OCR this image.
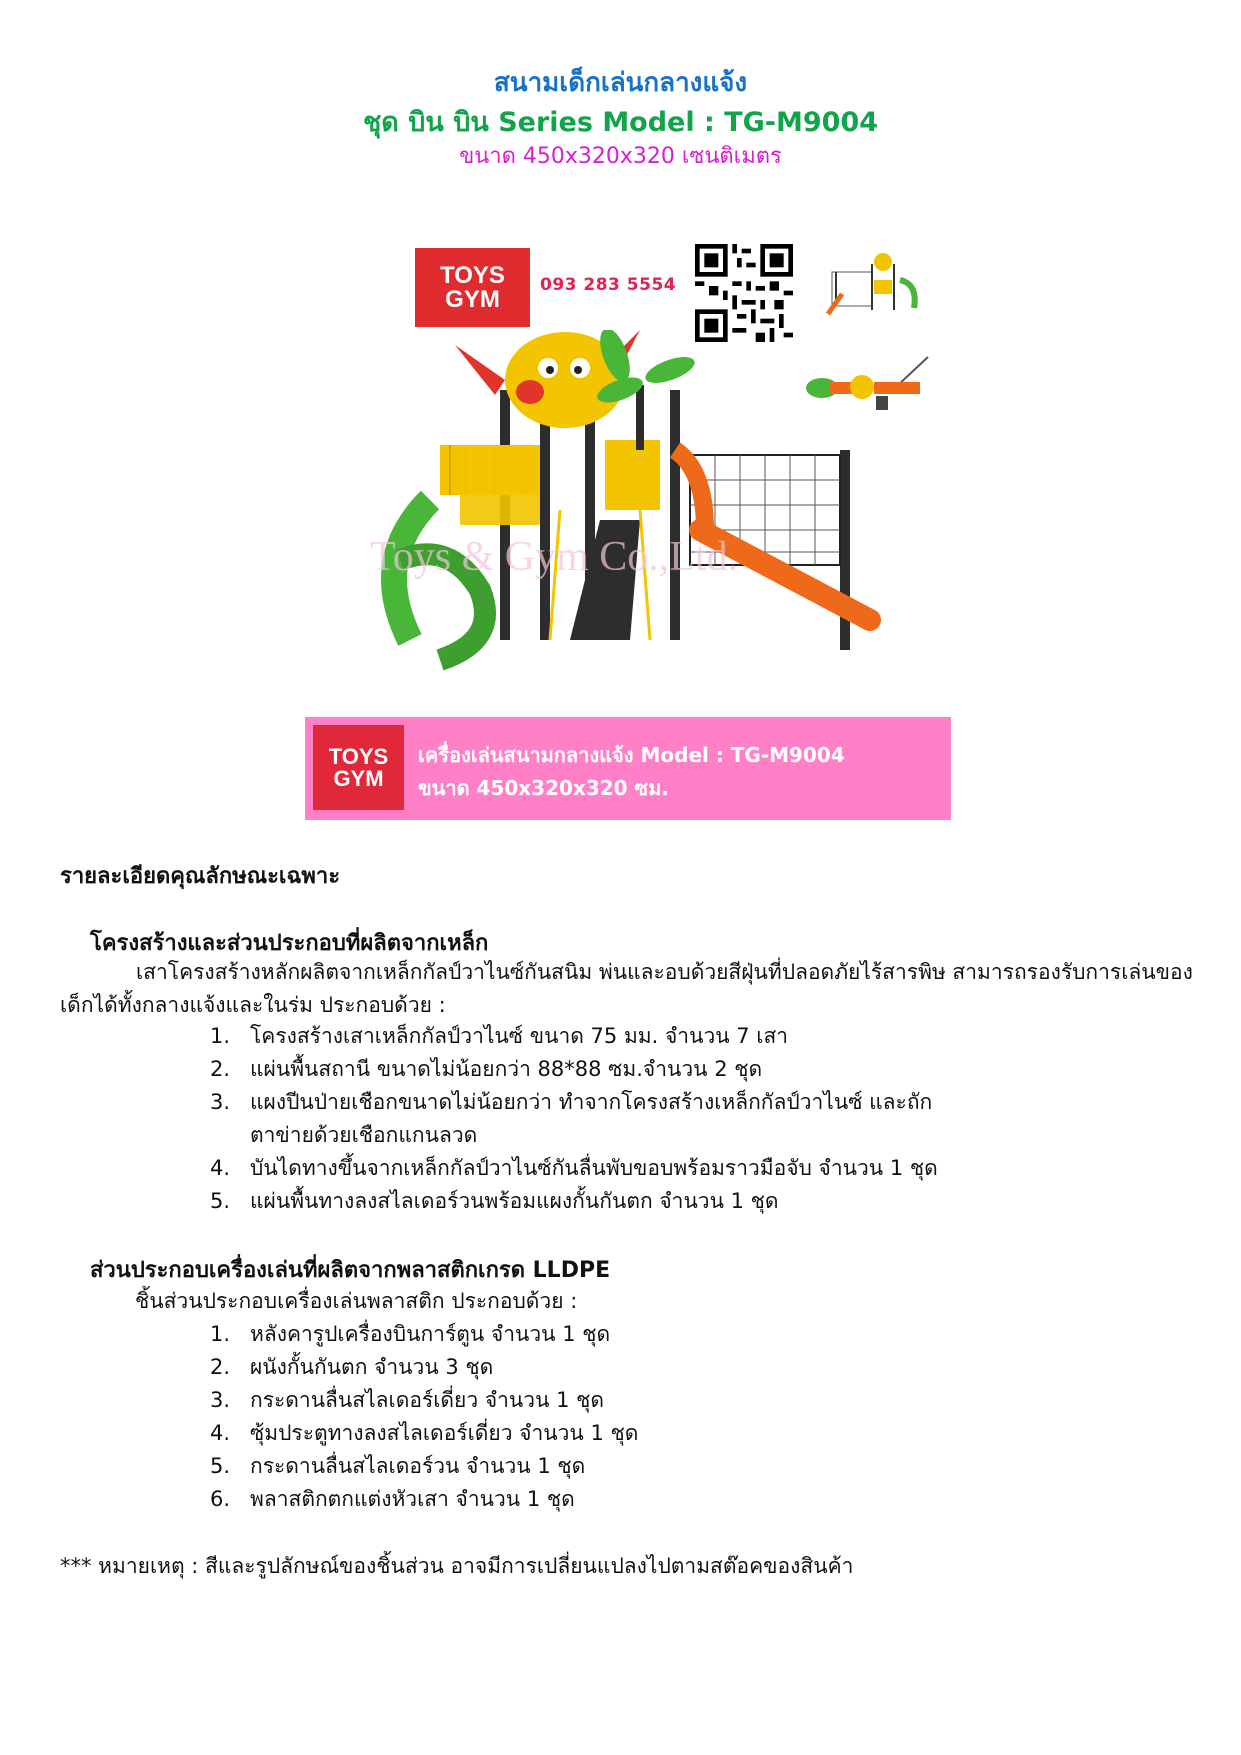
สนามเด็กเล่นกลางแจ้ง
ชุด บิน บิน Series Model : TG-M9004
ขนาด 450x320x320 เซนติเมตร
TOYS
GYM
093 283 5554
Toys & Gym Co.,Ltd.
TOYS
GYM
เครื่องเล่นสนามกลางแจ้ง Model : TG-M9004
ขนาด 450x320x320 ซม.
รายละเอียดคุณลักษณะเฉพาะ
โครงสร้างและส่วนประกอบที่ผลิตจากเหล็ก
เสาโครงสร้างหลักผลิตจากเหล็กกัลป์วาไนซ์กันสนิม พ่นและอบด้วยสีฝุ่นที่ปลอดภัยไร้สารพิษ สามารถรองรับการเล่นของเด็กได้ทั้งกลางแจ้งและในร่ม ประกอบด้วย :
1. โครงสร้างเสาเหล็กกัลป์วาไนซ์ ขนาด 75 มม. จำนวน 7 เสา
2. แผ่นพื้นสถานี ขนาดไม่น้อยกว่า 88*88 ซม.จำนวน 2 ชุด
3. แผงปีนป่ายเชือกขนาดไม่น้อยกว่า ทำจากโครงสร้างเหล็กกัลป์วาไนซ์ และถักตาข่ายด้วยเชือกแกนลวด
4. บันไดทางขึ้นจากเหล็กกัลป์วาไนซ์กันลื่นพับขอบพร้อมราวมือจับ จำนวน 1 ชุด
5. แผ่นพื้นทางลงสไลเดอร์วนพร้อมแผงกั้นกันตก จำนวน 1 ชุด
ส่วนประกอบเครื่องเล่นที่ผลิตจากพลาสติกเกรด LLDPE
ชิ้นส่วนประกอบเครื่องเล่นพลาสติก ประกอบด้วย :
1. หลังคารูปเครื่องบินการ์ตูน จำนวน 1 ชุด
2. ผนังกั้นกันตก จำนวน 3 ชุด
3. กระดานลื่นสไลเดอร์เดี่ยว จำนวน 1 ชุด
4. ซุ้มประตูทางลงสไลเดอร์เดี่ยว จำนวน 1 ชุด
5. กระดานลื่นสไลเดอร์วน จำนวน 1 ชุด
6. พลาสติกตกแต่งหัวเสา จำนวน 1 ชุด
*** หมายเหตุ : สีและรูปลักษณ์ของชิ้นส่วน อาจมีการเปลี่ยนแปลงไปตามสต๊อคของสินค้า
